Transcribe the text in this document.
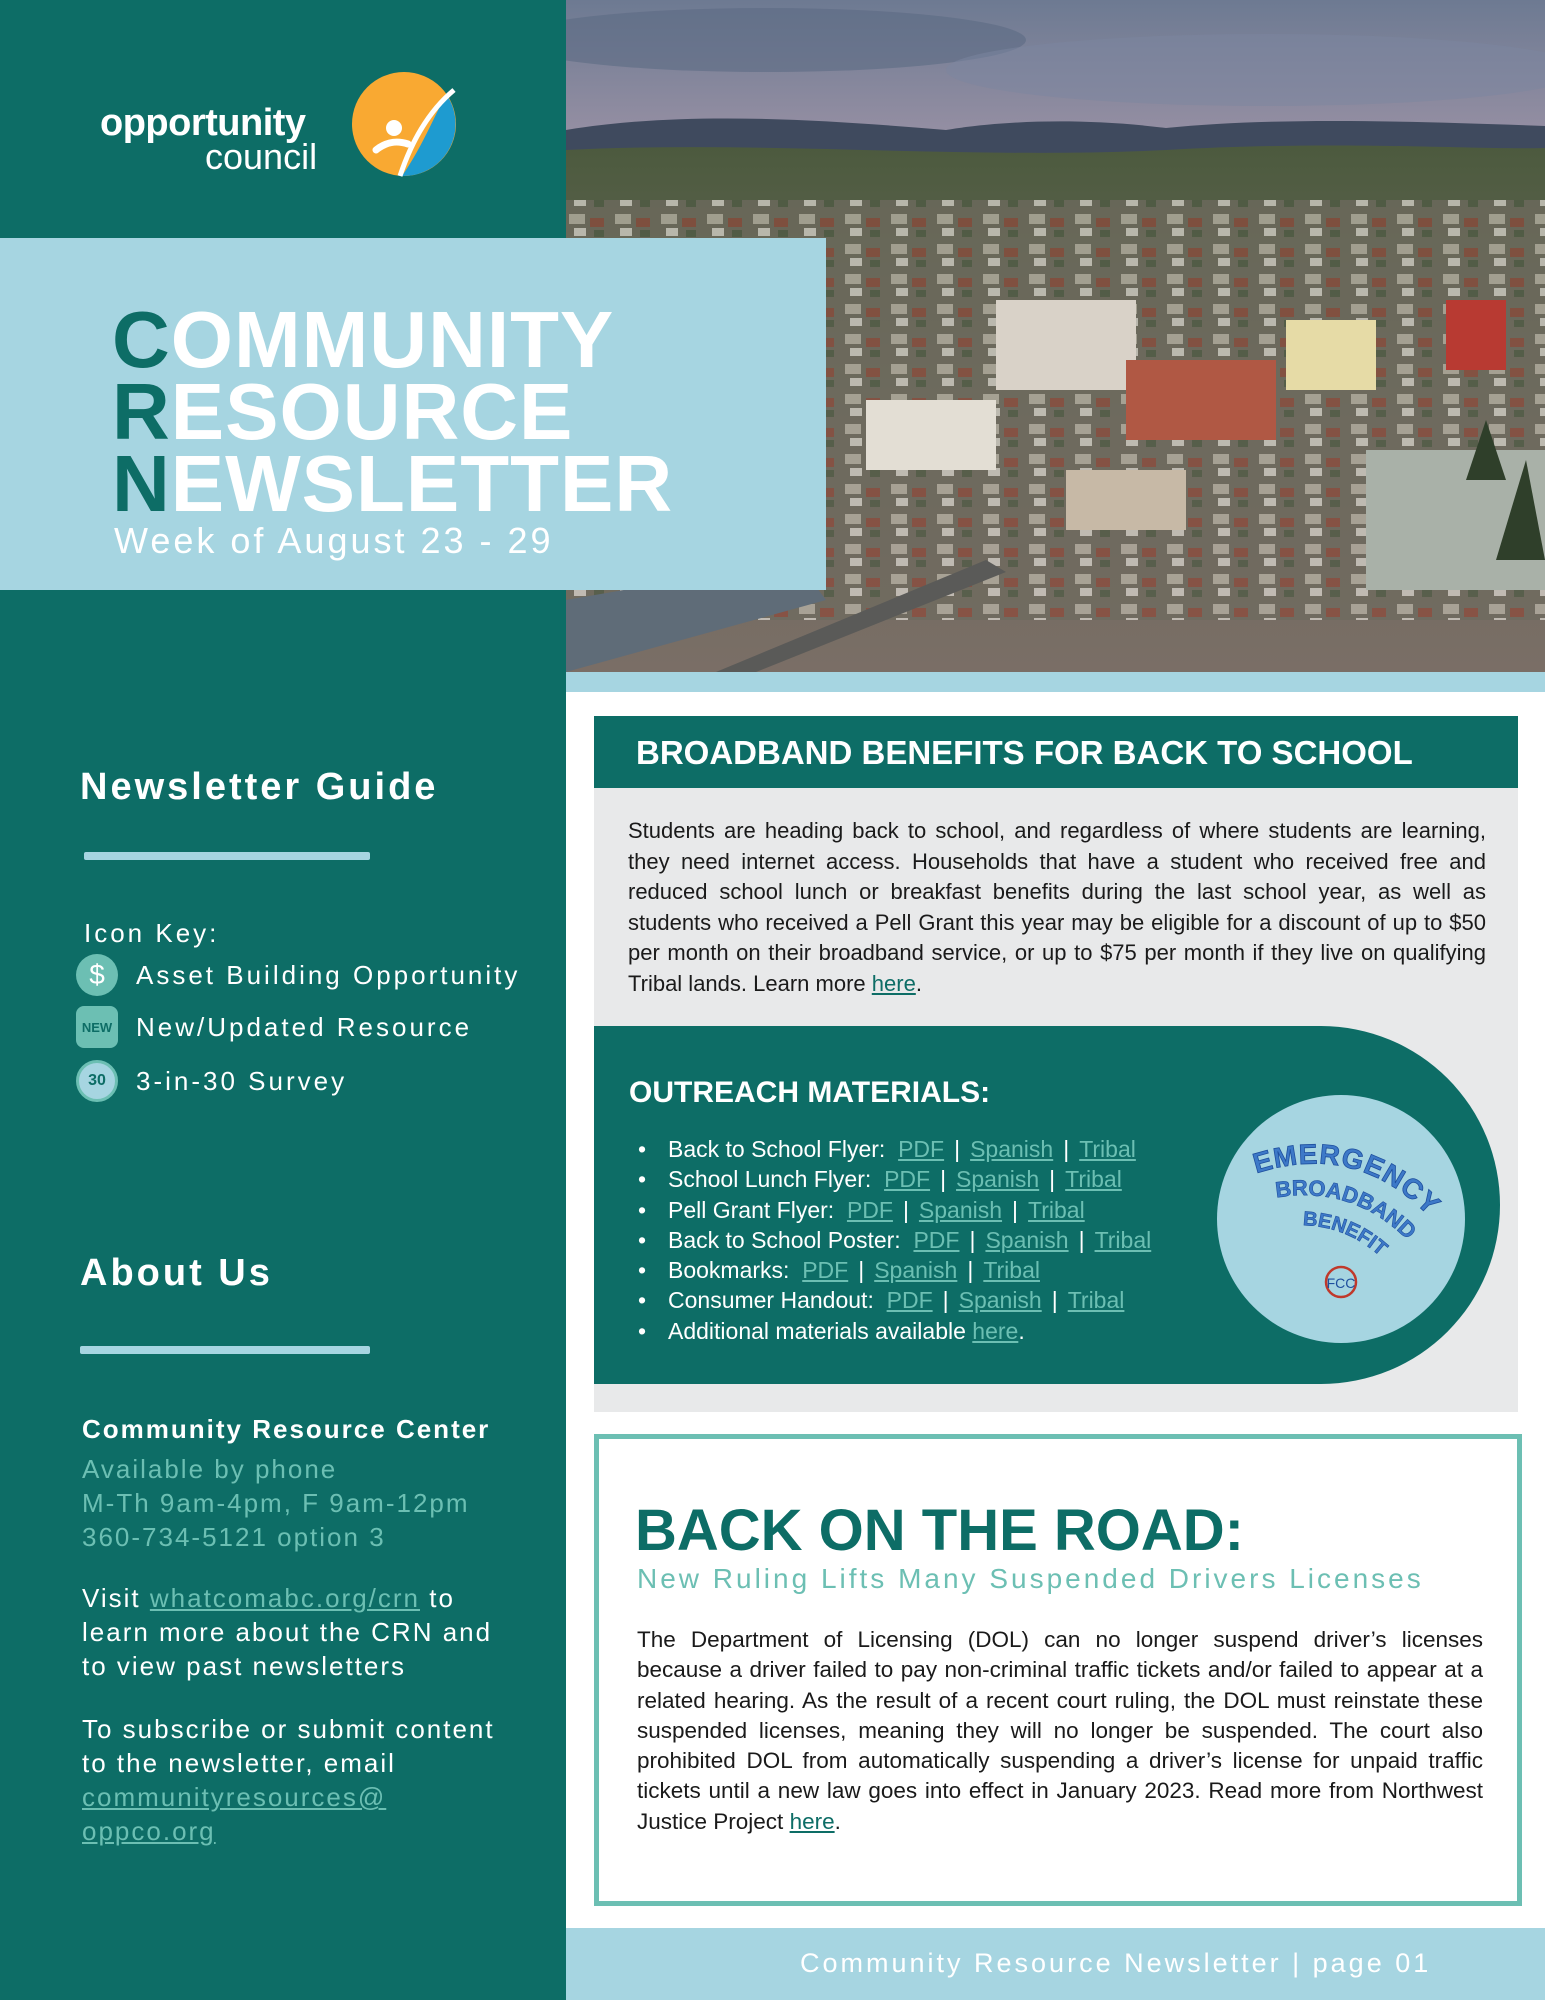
opportunity
council
Newsletter Guide
Icon Key:
$	Asset Building Opportunity
NEW New/Updated Resource
30	3-in-30 Survey
About Us
Community Resource Center
Available by phone
M-Th 9am-4pm, F 9am-12pm
360-734-5121 option 3
Visit whatcomabc.org/crn to learn more about the CRN and to view past newsletters
To subscribe or submit content to the newsletter, email communityresources@ oppco.org
COMMUNITY
RESOURCE
NEWSLETTER
Week of August 23 - 29
BROADBAND BENEFITS FOR BACK TO SCHOOL
Students are heading back to school, and regardless of where students are learning, they need internet access. Households that have a student who received free and reduced school lunch or breakfast benefits during the last school year, as well as students who received a Pell Grant this year may be eligible for a discount of up to $50 per month on their broadband service, or up to $75 per month if they live on qualifying Tribal lands. Learn more here.
OUTREACH MATERIALS:
• Back to School Flyer: PDF | Spanish | Tribal
• School Lunch Flyer: PDF | Spanish | Tribal
• Pell Grant Flyer: PDF | Spanish | Tribal
• Back to School Poster: PDF | Spanish | Tribal
• Bookmarks: PDF | Spanish | Tribal
• Consumer Handout: PDF | Spanish | Tribal
• Additional materials available here.
EMERGENCY
BROADBAND
BENEFIT
FCC
BACK ON THE ROAD:
New Ruling Lifts Many Suspended Drivers Licenses
The Department of Licensing (DOL) can no longer suspend driver’s licenses because a driver failed to pay non-criminal traffic tickets and/or failed to appear at a related hearing. As the result of a recent court ruling, the DOL must reinstate these suspended licenses, meaning they will no longer be suspended. The court also prohibited DOL from automatically suspending a driver’s license for unpaid traffic tickets until a new law goes into effect in January 2023. Read more from Northwest Justice Project here.
Community Resource Newsletter | page 01
